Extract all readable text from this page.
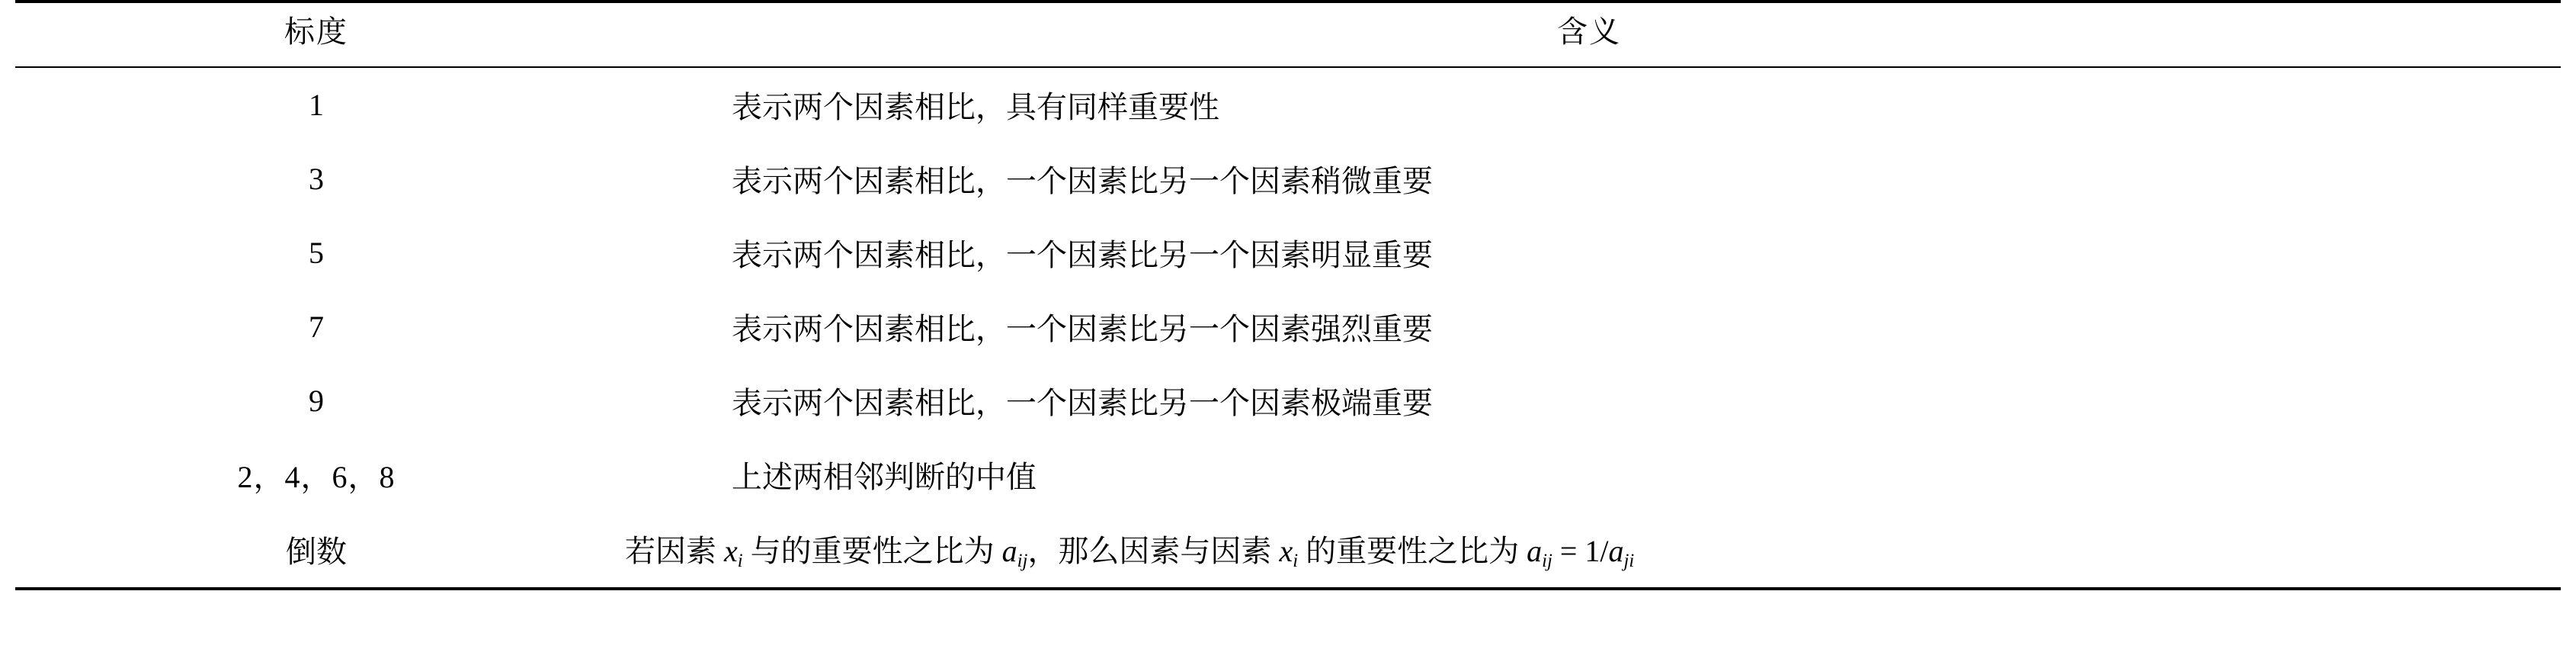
标度	含义
1	表示两个因素相比，具有同样重要性

3	表示两个因素相比，一个因素比另一个因素稍微重要

5	表示两个因素相比，一个因素比另一个因素明显重要

7	表示两个因素相比，一个因素比另一个因素强烈重要

9	表示两个因素相比，一个因素比另一个因素极端重要

2，4，6，8	上述两相邻判断的中值

倒数	若因素 $x_i$ 与的重要性之比为 $a_{ij}$，那么因素与因素 $x_i$ 的重要性之比为 $a_{ij} = 1/a_{ji}$
